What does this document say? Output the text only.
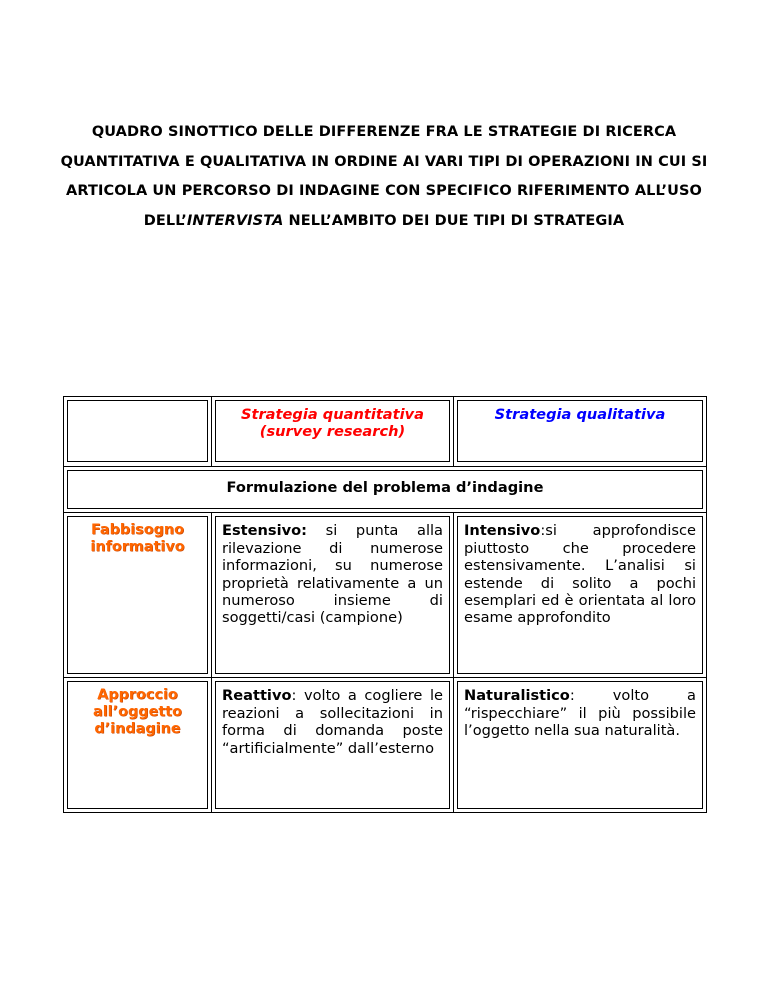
QUADRO SINOTTICO DELLE DIFFERENZE FRA LE STRATEGIE DI RICERCA QUANTITATIVA E QUALITATIVA IN ORDINE AI VARI TIPI DI OPERAZIONI IN CUI SI ARTICOLA UN PERCORSO DI INDAGINE CON SPECIFICO RIFERIMENTO ALL’USO DELL’INTERVISTA NELL’AMBITO DEI DUE TIPI DI STRATEGIA

	Strategia quantitativa (survey research)	Strategia qualitativa

Formulazione del problema d’indagine		

Fabbisogno informativo	Estensivo: si punta alla rilevazione di numerose informazioni, su numerose proprietà relativamente a un numeroso insieme di soggetti/casi (campione)	Intensivo:si approfondisce piuttosto che procedere estensivamente. L’analisi si estende di solito a pochi esemplari ed è orientata al loro esame approfondito

Approccio all’oggetto d’indagine	Reattivo: volto a cogliere le reazioni a sollecitazioni in forma di domanda poste “artificialmente” dall’esterno	Naturalistico: volto a “rispecchiare” il più possibile l’oggetto nella sua naturalità.
